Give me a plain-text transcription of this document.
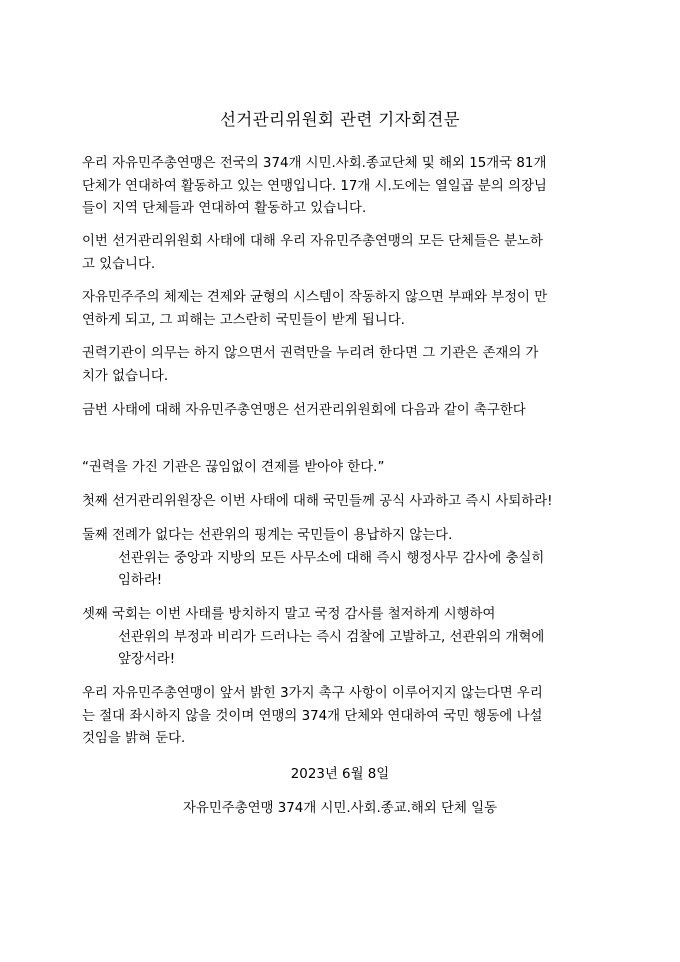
선거관리위원회 관련 기자회견문
우리 자유민주총연맹은 전국의 374개 시민.사회.종교단체 및 해외 15개국 81개
단체가 연대하여 활동하고 있는 연맹입니다. 17개 시.도에는 열일곱 분의 의장님
들이 지역 단체들과 연대하여 활동하고 있습니다.
이번 선거관리위원회 사태에 대해 우리 자유민주총연맹의 모든 단체들은 분노하
고 있습니다.
자유민주주의 체제는 견제와 균형의 시스템이 작동하지 않으면 부패와 부정이 만
연하게 되고, 그 피해는 고스란히 국민들이 받게 됩니다.
권력기관이 의무는 하지 않으면서 권력만을 누리려 한다면 그 기관은 존재의 가
치가 없습니다.
금번 사태에 대해 자유민주총연맹은 선거관리위원회에 다음과 같이 촉구한다
“권력을 가진 기관은 끊임없이 견제를 받아야 한다.”
첫째 선거관리위원장은 이번 사태에 대해 국민들께 공식 사과하고 즉시 사퇴하라!
둘째 전례가 없다는 선관위의 핑계는 국민들이 용납하지 않는다.
선관위는 중앙과 지방의 모든 사무소에 대해 즉시 행정사무 감사에 충실히
임하라!
셋째 국회는 이번 사태를 방치하지 말고 국정 감사를 철저하게 시행하여
선관위의 부정과 비리가 드러나는 즉시 검찰에 고발하고, 선관위의 개혁에
앞장서라!
우리 자유민주총연맹이 앞서 밝힌 3가지 촉구 사항이 이루어지지 않는다면 우리
는 절대 좌시하지 않을 것이며 연맹의 374개 단체와 연대하여 국민 행동에 나설
것임을 밝혀 둔다.
2023년 6월 8일
자유민주총연맹 374개 시민.사회.종교.해외 단체 일동
